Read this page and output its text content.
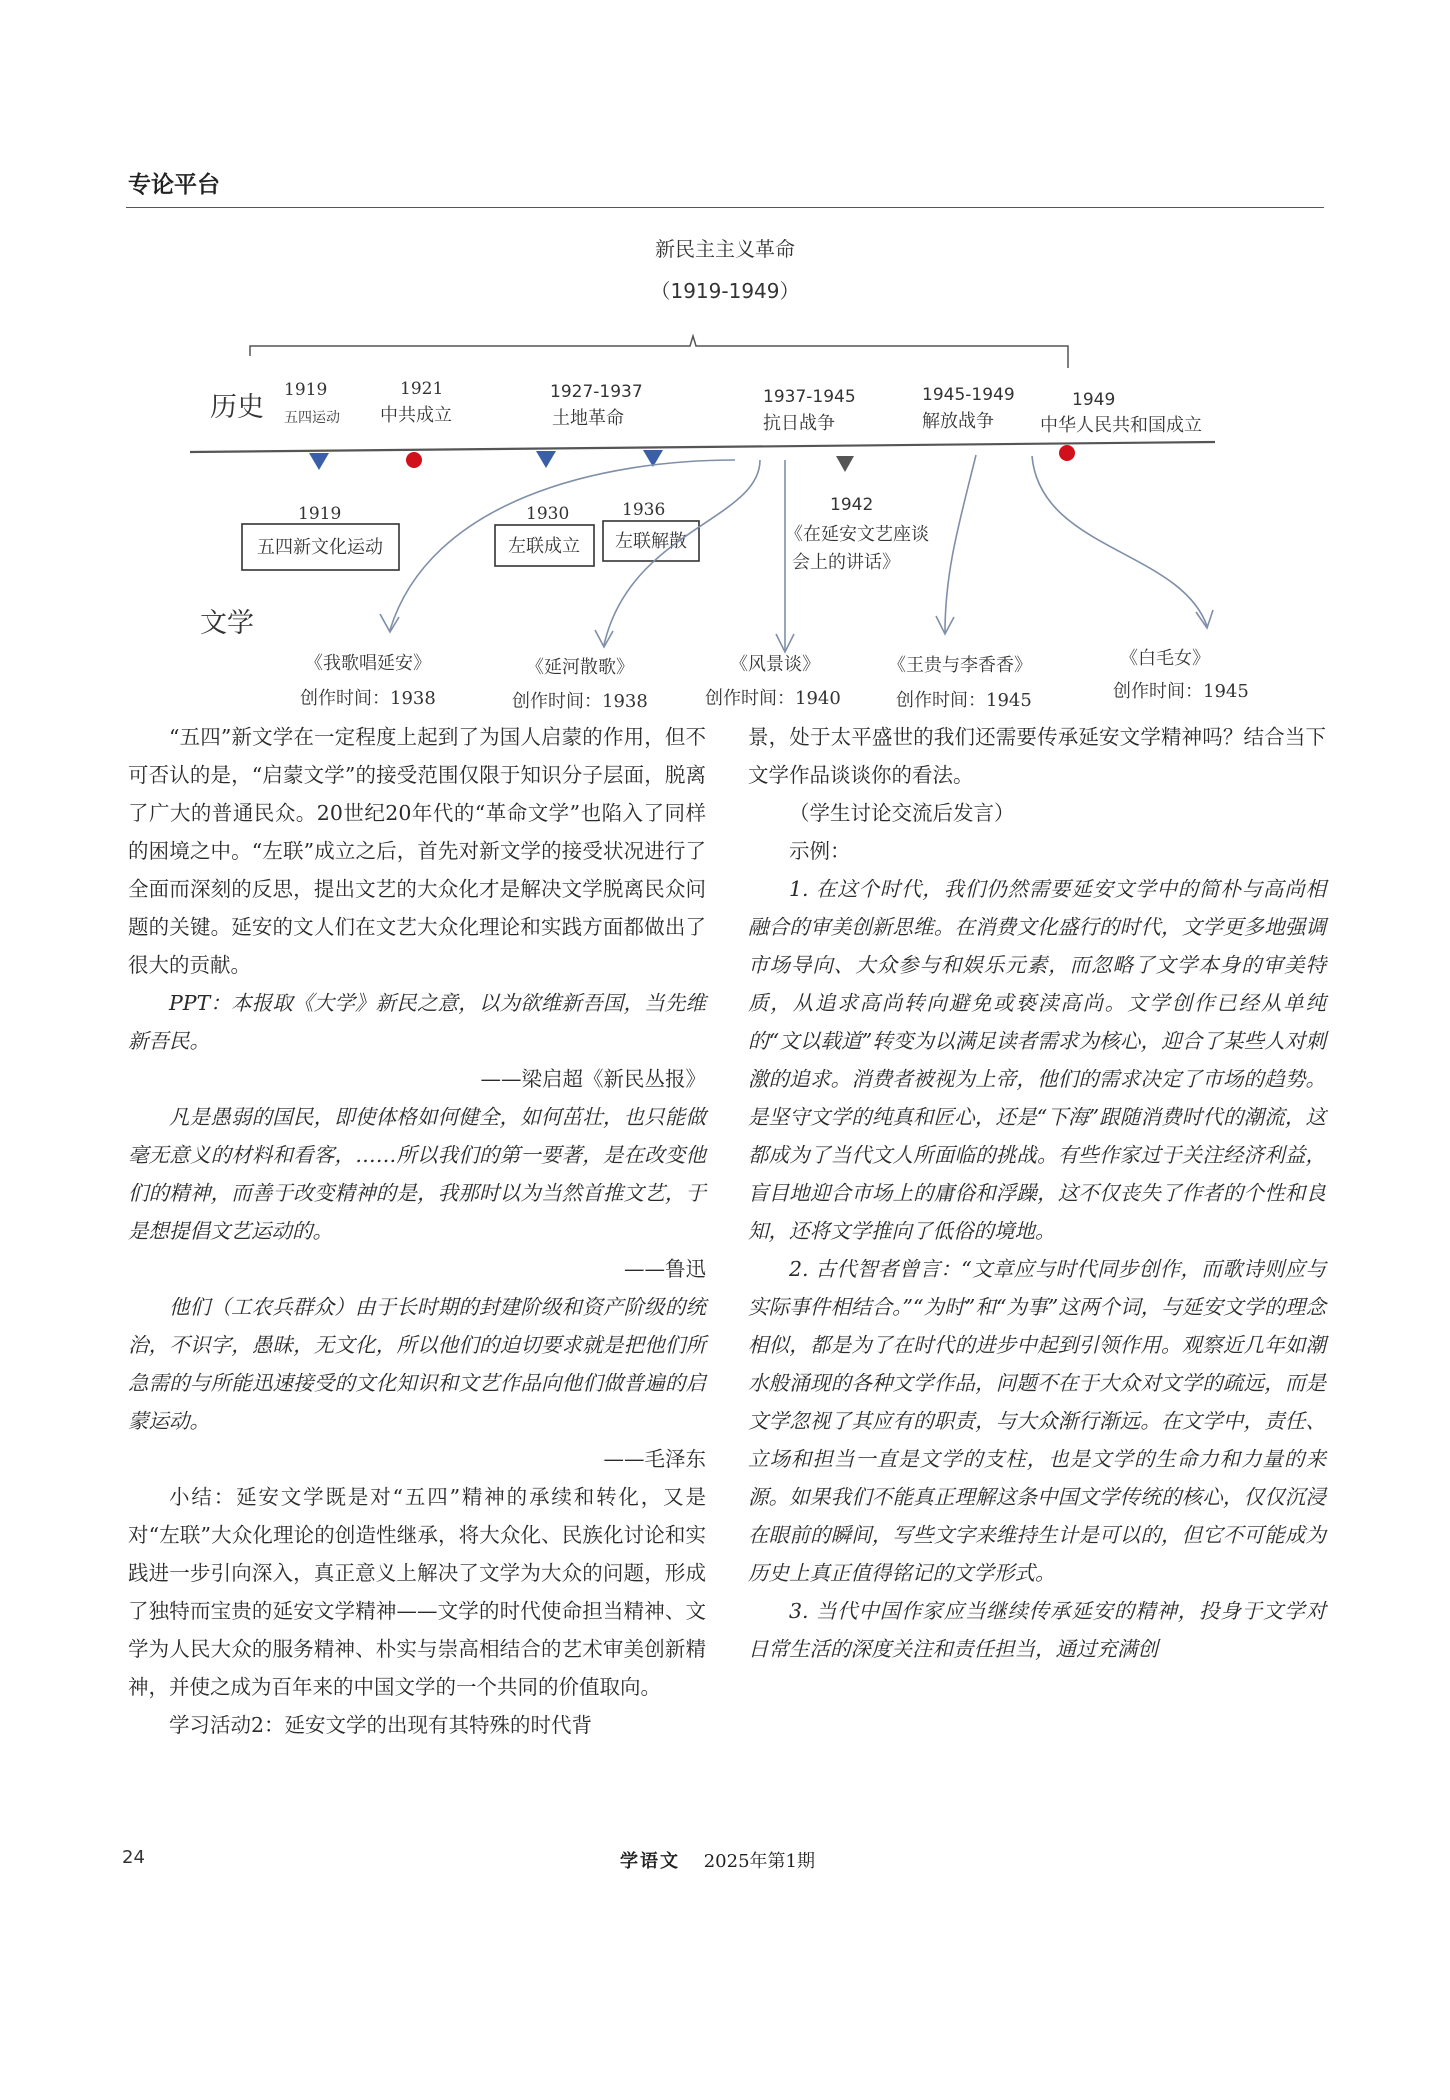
专论平台
新民主主义革命
（1919-1949）
历史
文学
1919
五四运动
1921
中共成立
1927-1937
土地革命
1937-1945
抗日战争
1945-1949
解放战争
1949
中华人民共和国成立
1919
五四新文化运动
1930
左联成立
1936
左联解散
1942
《在延安文艺座谈
会上的讲话》
《我歌唱延安》
创作时间：1938
《延河散歌》
创作时间：1938
《风景谈》
创作时间：1940
《王贵与李香香》
创作时间：1945
《白毛女》
创作时间：1945

“五四”新文学在一定程度上起到了为国人启蒙的作用，但不可否认的是，“启蒙文学”的接受范围仅限于知识分子层面，脱离了广大的普通民众。20世纪20年代的“革命文学”也陷入了同样的困境之中。“左联”成立之后，首先对新文学的接受状况进行了全面而深刻的反思，提出文艺的大众化才是解决文学脱离民众问题的关键。延安的文人们在文艺大众化理论和实践方面都做出了很大的贡献。

PPT：本报取《大学》新民之意，以为欲维新吾国，当先维新吾民。

——梁启超《新民丛报》

凡是愚弱的国民，即使体格如何健全，如何茁壮，也只能做毫无意义的材料和看客，……所以我们的第一要著，是在改变他们的精神，而善于改变精神的是，我那时以为当然首推文艺，于是想提倡文艺运动的。

——鲁迅

他们（工农兵群众）由于长时期的封建阶级和资产阶级的统治，不识字，愚昧，无文化，所以他们的迫切要求就是把他们所急需的与所能迅速接受的文化知识和文艺作品向他们做普遍的启蒙运动。

——毛泽东

小结：延安文学既是对“五四”精神的承续和转化，又是对“左联”大众化理论的创造性继承，将大众化、民族化讨论和实践进一步引向深入，真正意义上解决了文学为大众的问题，形成了独特而宝贵的延安文学精神——文学的时代使命担当精神、文学为人民大众的服务精神、朴实与崇高相结合的艺术审美创新精神，并使之成为百年来的中国文学的一个共同的价值取向。

学习活动2：延安文学的出现有其特殊的时代背

景，处于太平盛世的我们还需要传承延安文学精神吗？结合当下文学作品谈谈你的看法。

（学生讨论交流后发言）

示例：

1. 在这个时代，我们仍然需要延安文学中的简朴与高尚相融合的审美创新思维。在消费文化盛行的时代，文学更多地强调市场导向、大众参与和娱乐元素，而忽略了文学本身的审美特质，从追求高尚转向避免或亵渎高尚。文学创作已经从单纯的“文以载道”转变为以满足读者需求为核心，迎合了某些人对刺激的追求。消费者被视为上帝，他们的需求决定了市场的趋势。是坚守文学的纯真和匠心，还是“下海”跟随消费时代的潮流，这都成为了当代文人所面临的挑战。有些作家过于关注经济利益，盲目地迎合市场上的庸俗和浮躁，这不仅丧失了作者的个性和良知，还将文学推向了低俗的境地。

2. 古代智者曾言：“文章应与时代同步创作，而歌诗则应与实际事件相结合。”“为时”和“为事”这两个词，与延安文学的理念相似，都是为了在时代的进步中起到引领作用。观察近几年如潮水般涌现的各种文学作品，问题不在于大众对文学的疏远，而是文学忽视了其应有的职责，与大众渐行渐远。在文学中，责任、立场和担当一直是文学的支柱，也是文学的生命力和力量的来源。如果我们不能真正理解这条中国文学传统的核心，仅仅沉浸在眼前的瞬间，写些文字来维持生计是可以的，但它不可能成为历史上真正值得铭记的文学形式。

3. 当代中国作家应当继续传承延安的精神，投身于文学对日常生活的深度关注和责任担当，通过充满创

24	学语文 2025年第1期
